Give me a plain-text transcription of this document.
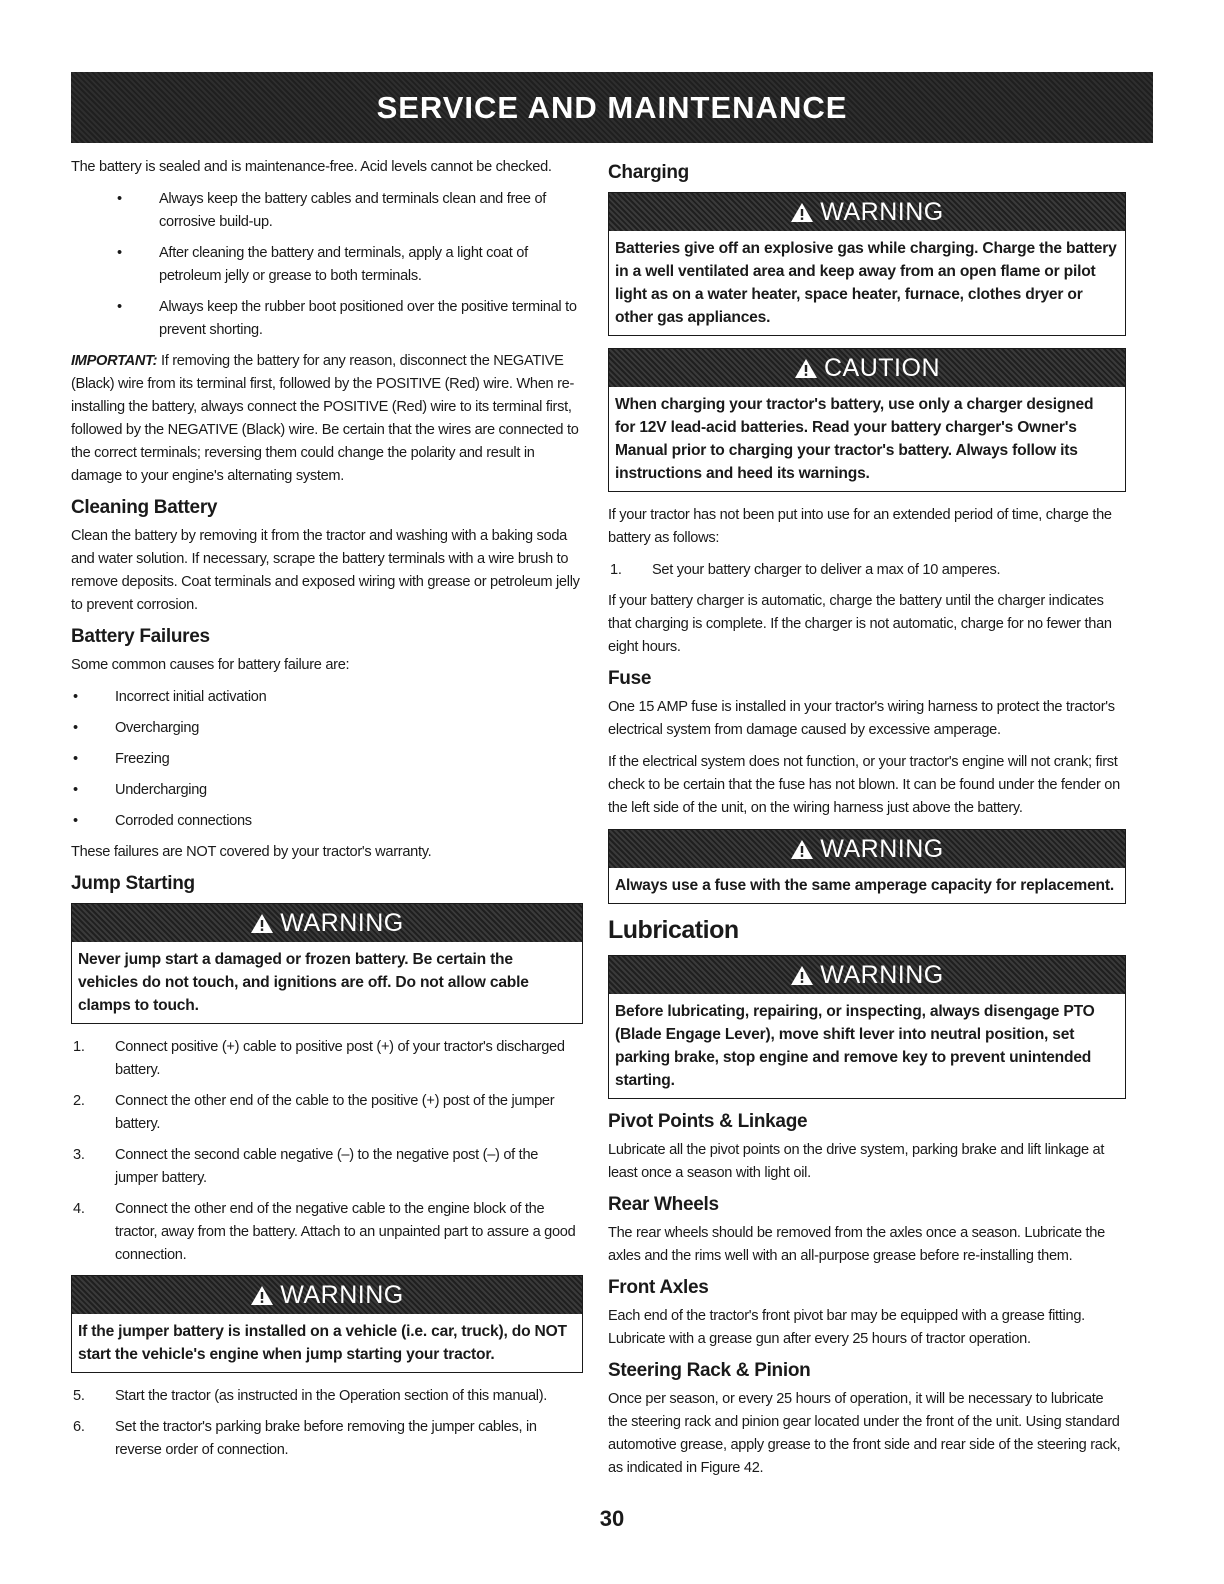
SERVICE AND MAINTENANCE

The battery is sealed and is maintenance-free. Acid levels cannot be checked.

• Always keep the battery cables and terminals clean and free of corrosive build-up.
• After cleaning the battery and terminals, apply a light coat of petroleum jelly or grease to both terminals.
• Always keep the rubber boot positioned over the positive terminal to prevent shorting.

IMPORTANT: If removing the battery for any reason, disconnect the NEGATIVE (Black) wire from its terminal first, followed by the POSITIVE (Red) wire. When re-installing the battery, always connect the POSITIVE (Red) wire to its terminal first, followed by the NEGATIVE (Black) wire. Be certain that the wires are connected to the correct terminals; reversing them could change the polarity and result in damage to your engine's alternating system.

Cleaning Battery

Clean the battery by removing it from the tractor and washing with a baking soda and water solution. If necessary, scrape the battery terminals with a wire brush to remove deposits. Coat terminals and exposed wiring with grease or petroleum jelly to prevent corrosion.

Battery Failures

Some common causes for battery failure are:

• Incorrect initial activation
• Overcharging
• Freezing
• Undercharging
• Corroded connections

These failures are NOT covered by your tractor's warranty.

Jump Starting
WARNING
Never jump start a damaged or frozen battery. Be certain the vehicles do not touch, and ignitions are off. Do not allow cable clamps to touch.
1. Connect positive (+) cable to positive post (+) of your tractor's discharged battery.
2. Connect the other end of the cable to the positive (+) post of the jumper battery.
3. Connect the second cable negative (–) to the negative post (–) of the jumper battery.
4. Connect the other end of the negative cable to the engine block of the tractor, away from the battery. Attach to an unpainted part to assure a good connection.
WARNING
If the jumper battery is installed on a vehicle (i.e. car, truck), do NOT start the vehicle's engine when jump starting your tractor.
5. Start the tractor (as instructed in the Operation section of this manual).
6. Set the tractor's parking brake before removing the jumper cables, in reverse order of connection.
Charging
WARNING
Batteries give off an explosive gas while charging. Charge the battery in a well ventilated area and keep away from an open flame or pilot light as on a water heater, space heater, furnace, clothes dryer or other gas appliances.
CAUTION
When charging your tractor's battery, use only a charger designed for 12V lead-acid batteries. Read your battery charger's Owner's Manual prior to charging your tractor's battery. Always follow its instructions and heed its warnings.

If your tractor has not been put into use for an extended period of time, charge the battery as follows:

1. Set your battery charger to deliver a max of 10 amperes.

If your battery charger is automatic, charge the battery until the charger indicates that charging is complete. If the charger is not automatic, charge for no fewer than eight hours.

Fuse

One 15 AMP fuse is installed in your tractor's wiring harness to protect the tractor's electrical system from damage caused by excessive amperage.

If the electrical system does not function, or your tractor's engine will not crank; first check to be certain that the fuse has not blown. It can be found under the fender on the left side of the unit, on the wiring harness just above the battery.

WARNING
Always use a fuse with the same amperage capacity for replacement.
Lubrication
WARNING
Before lubricating, repairing, or inspecting, always disengage PTO (Blade Engage Lever), move shift lever into neutral position, set parking brake, stop engine and remove key to prevent unintended starting.
Pivot Points & Linkage

Lubricate all the pivot points on the drive system, parking brake and lift linkage at least once a season with light oil.

Rear Wheels

The rear wheels should be removed from the axles once a season. Lubricate the axles and the rims well with an all-purpose grease before re-installing them.

Front Axles

Each end of the tractor's front pivot bar may be equipped with a grease fitting. Lubricate with a grease gun after every 25 hours of tractor operation.

Steering Rack & Pinion

Once per season, or every 25 hours of operation, it will be necessary to lubricate the steering rack and pinion gear located under the front of the unit. Using standard automotive grease, apply grease to the front side and rear side of the steering rack, as indicated in Figure 42.

30
